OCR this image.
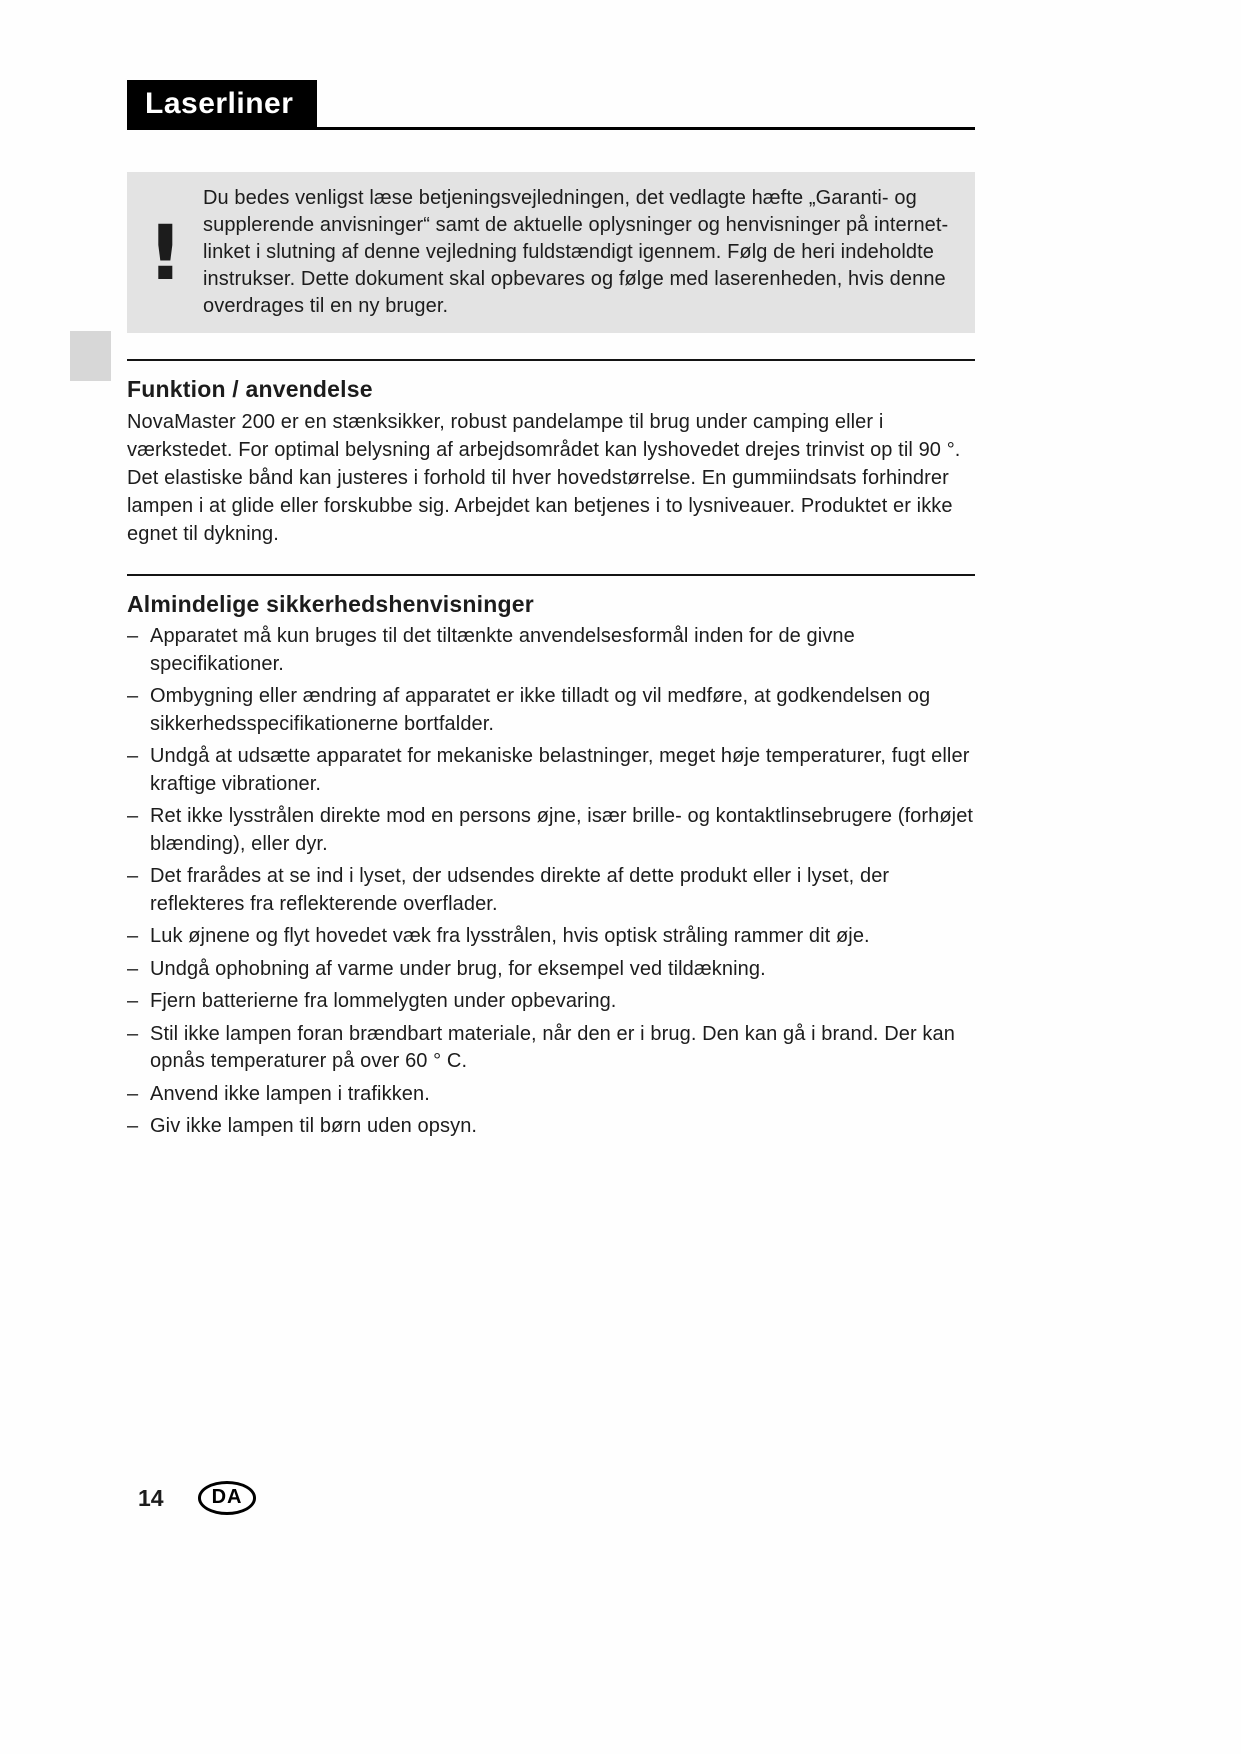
Laserliner
!
Du bedes venligst læse betjeningsvejledningen, det vedlagte hæfte „Garanti- og supplerende anvisninger“ samt de aktuelle oplysninger og henvisninger på internet-linket i slutning af denne vejledning fuldstændigt igennem. Følg de heri indeholdte instrukser. Dette dokument skal opbevares og følge med laserenheden, hvis denne overdrages til en ny bruger.
Funktion / anvendelse
NovaMaster 200 er en stænksikker, robust pandelampe til brug under camping eller i værkstedet. For optimal belysning af arbejdsområdet kan lyshovedet drejes trinvist op til 90 °. Det elastiske bånd kan justeres i forhold til hver hovedstørrelse. En gummiindsats forhindrer lampen i at glide eller forskubbe sig. Arbejdet kan betjenes i to lysniveauer. Produktet er ikke egnet til dykning.
Almindelige sikkerhedshenvisninger
– Apparatet må kun bruges til det tiltænkte anvendelsesformål inden for de givne specifikationer.
– Ombygning eller ændring af apparatet er ikke tilladt og vil medføre, at godkendelsen og sikkerhedsspecifikationerne bortfalder.
– Undgå at udsætte apparatet for mekaniske belastninger, meget høje temperaturer, fugt eller kraftige vibrationer.
– Ret ikke lysstrålen direkte mod en persons øjne, især brille- og kontaktlinsebrugere (forhøjet blænding), eller dyr.
– Det frarådes at se ind i lyset, der udsendes direkte af dette produkt eller i lyset, der reflekteres fra reflekterende overflader.
– Luk øjnene og flyt hovedet væk fra lysstrålen, hvis optisk stråling rammer dit øje.
– Undgå ophobning af varme under brug, for eksempel ved tildækning.
– Fjern batterierne fra lommelygten under opbevaring.
– Stil ikke lampen foran brændbart materiale, når den er i brug. Den kan gå i brand. Der kan opnås temperaturer på over 60 ° C.
– Anvend ikke lampen i trafikken.
– Giv ikke lampen til børn uden opsyn.
14	DA
